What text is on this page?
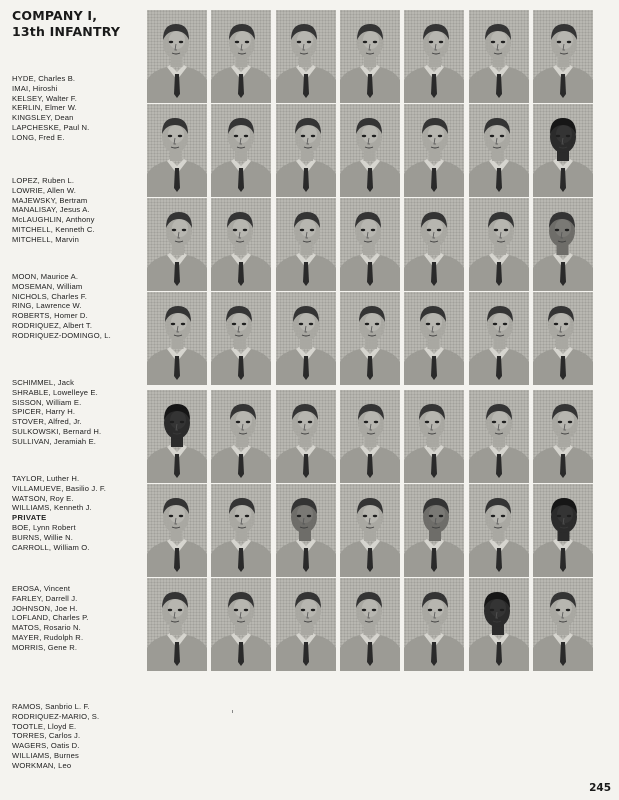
COMPANY I,
13th INFANTRY
HYDE, Charles B.
IMAI, Hiroshi
KELSEY, Walter F.
KERLIN, Elmer W.
KINGSLEY, Dean
LAPCHESKE, Paul N.
LONG, Fred E.
LOPEZ, Ruben L.
LOWRIE, Allen W.
MAJEWSKY, Bertram
MANALISAY, Jesus A.
McLAUGHLIN, Anthony
MITCHELL, Kenneth C.
MITCHELL, Marvin
MOON, Maurice A.
MOSEMAN, William
NICHOLS, Charles F.
RING, Lawrence W.
ROBERTS, Homer D.
RODRIQUEZ, Albert T.
RODRIQUEZ-DOMINGO, L.
SCHIMMEL, Jack
SHRABLE, Lowelleye E.
SISSON, William E.
SPICER, Harry H.
STOVER, Alfred, Jr.
SULKOWSKI, Bernard H.
SULLIVAN, Jeramiah E.
TAYLOR, Luther H.
VILLAMUEVE, Basilio J. F.
WATSON, Roy E.
WILLIAMS, Kenneth J.
PRIVATE
BOE, Lynn Robert
BURNS, Willie N.
CARROLL, William O.
EROSA, Vincent
FARLEY, Darrell J.
JOHNSON, Joe H.
LOFLAND, Charles P.
MATOS, Rosario N.
MAYER, Rudolph R.
MORRIS, Gene R.
RAMOS, Sanbrio L. F.
RODRIQUEZ-MARIO, S.
TOOTLE, Lloyd E.
TORRES, Carlos J.
WAGERS, Oatis D.
WILLIAMS, Burnes
WORKMAN, Leo
245
